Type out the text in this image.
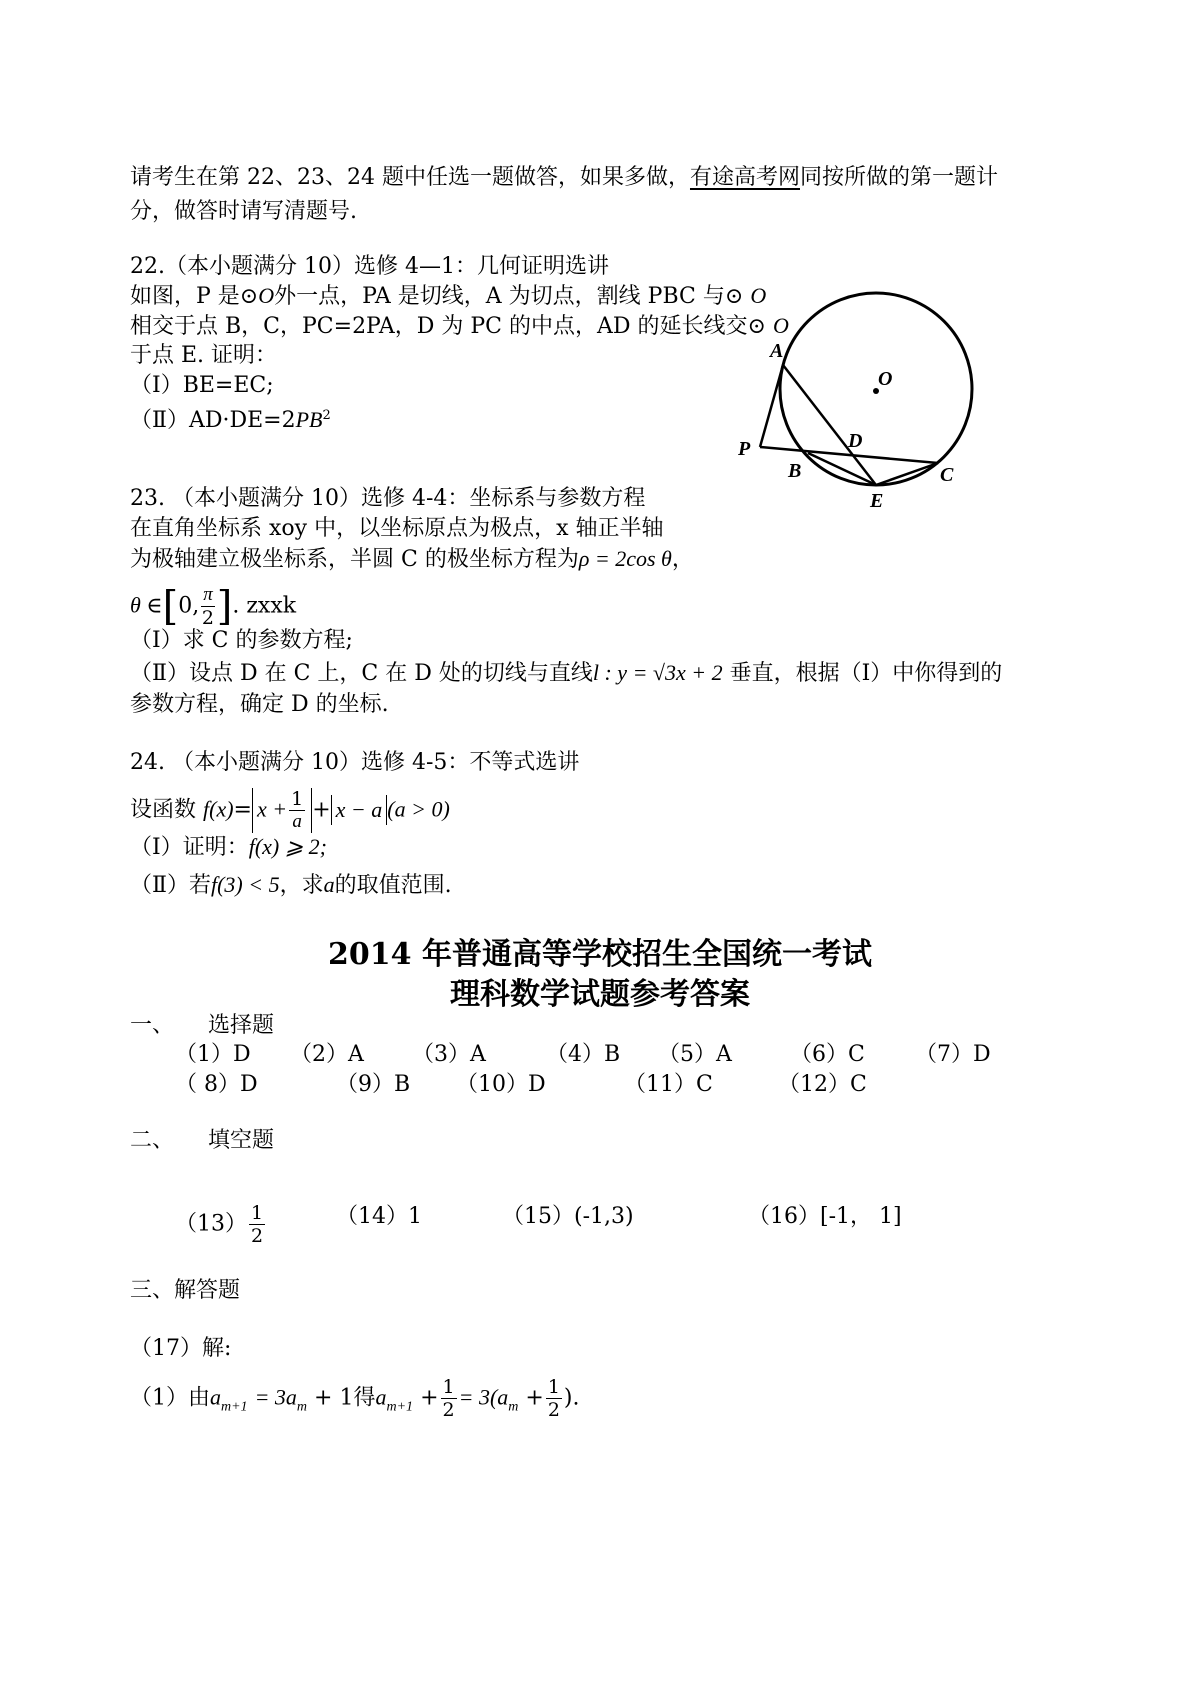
请考生在第 22、23、24 题中任选一题做答，如果多做，有途高考网同按所做的第一题计
分，做答时请写清题号.
22.（本小题满分 10）选修 4—1：几何证明选讲
如图，P 是⊙O外一点，PA 是切线，A 为切点，割线 PBC 与⊙ O
相交于点 B，C，PC=2PA，D 为 PC 的中点，AD 的延长线交⊙ O
于点 E. 证明：
（Ⅰ）BE=EC;
$(Ⅱ)AD\cdot DE=2PB^2$
A
O
P	D
B	C
E
23. （本小题满分 10）选修 4-4：坐标系与参数方程
在直角坐标系 xoy 中，以坐标原点为极点，x 轴正半轴
为极轴建立极坐标系，半圆 C 的极坐标方程为ρ = 2cos θ，
θ ∈[0, $\frac{\pi}{2}$ ]. zxxk
（Ⅰ）求 C 的参数方程;
（Ⅱ）设点 D 在 C 上，C 在 D 处的切线与直线l : y = √3x + 2 垂直，根据（Ⅰ）中你得到的
参数方程，确定 D 的坐标.
24. （本小题满分 10）选修 4-5：不等式选讲
设函数 $f(x)= x + \frac{1}{a} + x - a$ (a > 0)
（Ⅰ）证明：f(x) ⩾ 2;
（Ⅱ）若f(3) < 5，求a的取值范围.
2014 年普通高等学校招生全国统一考试
理科数学试题参考答案
一、 选择题
（1）D （2）A （3）A	（4）B （5）A	（6）C （7）D
（ 8）D	（9）B （10）D	（11）C	（12）C
二、 填空题
$(13) \frac{1}{2}$	（14）1	（15）(-1,3)	（16）[-1， 1]
三、解答题
（17）解:
（1）由$a_{m+1} = 3a_m + 1$得$a_{m+1} + \frac{1}{2} = 3(a_m + \frac{1}{2}$ ).
